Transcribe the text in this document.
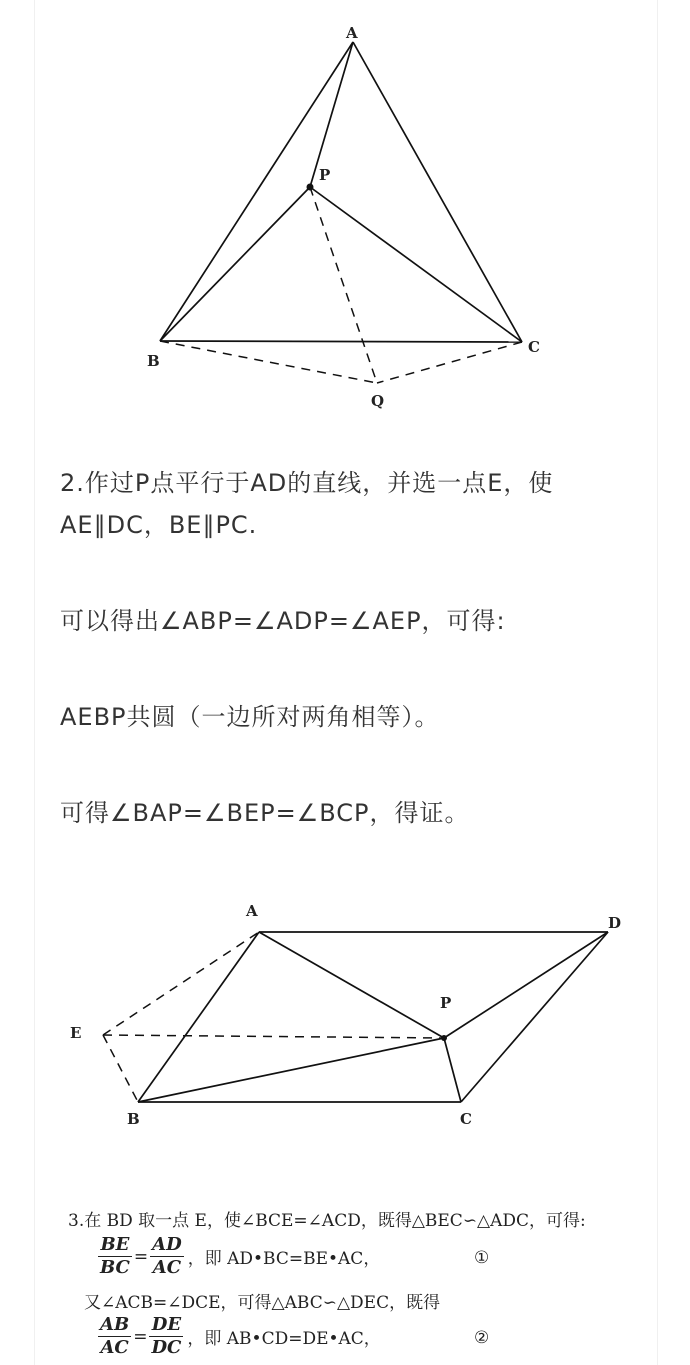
A
P
B
C
Q
2.作过P点平行于AD的直线，并选一点E，使AE∥DC，BE∥PC.
可以得出∠ABP=∠ADP=∠AEP，可得:
AEBP共圆（一边所对两角相等）。
可得∠BAP=∠BEP=∠BCP，得证。
A
D
P
E
B	C
3.在 BD 取一点 E，使∠BCE=∠ACD，既得△BEC∽△ADC，可得:
$\frac{BE}{BC} = \frac{AD}{AC}$ ，即 AD•BC=BE•AC，	①
又∠ACB=∠DCE，可得△ABC∽△DEC，既得
$\frac{AB}{AC} = \frac{DE}{DC}$ ，即 AB•CD=DE•AC，	②
